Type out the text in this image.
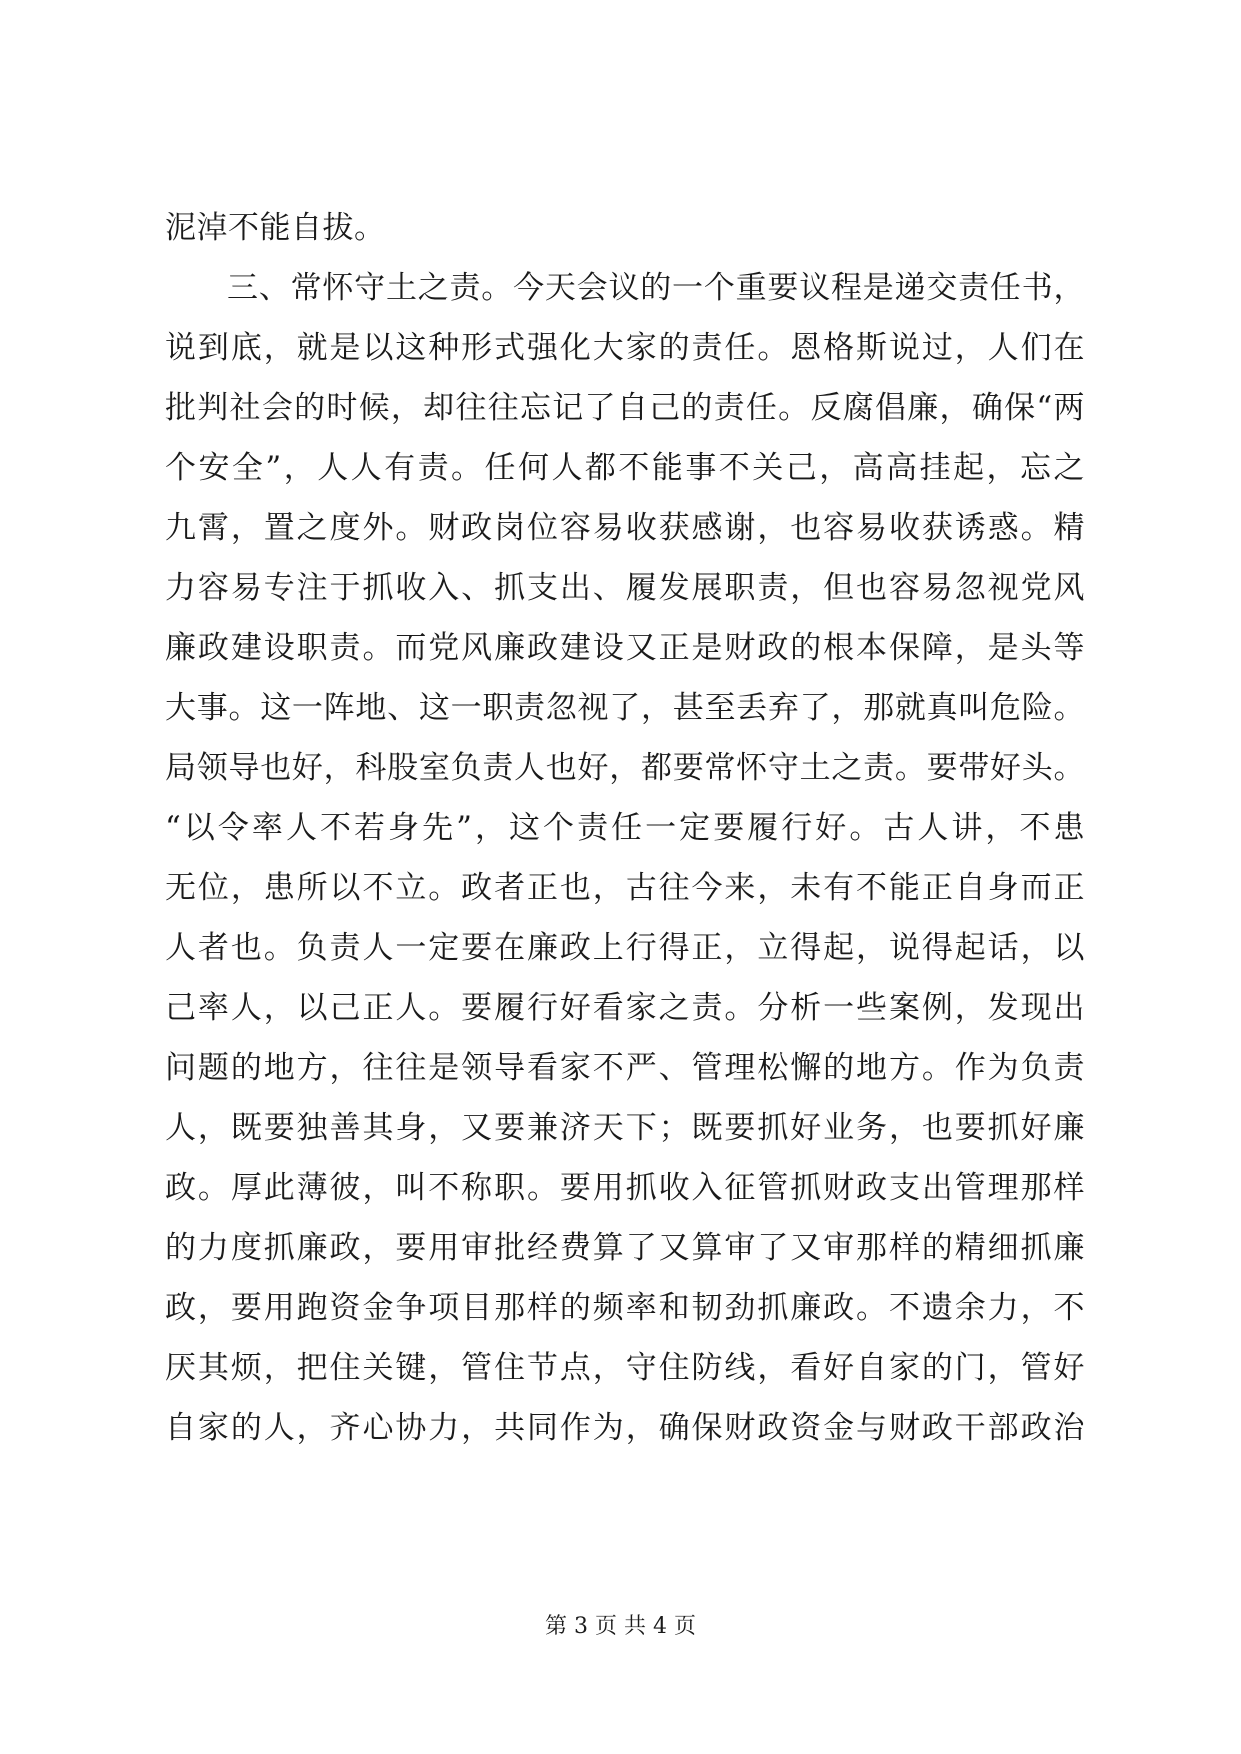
泥淖不能自拔。
三、常怀守土之责。今天会议的一个重要议程是递交责任书，
说到底，就是以这种形式强化大家的责任。恩格斯说过，人们在
批判社会的时候，却往往忘记了自己的责任。反腐倡廉，确保“两
个安全”，人人有责。任何人都不能事不关己，高高挂起，忘之
九霄，置之度外。财政岗位容易收获感谢，也容易收获诱惑。精
力容易专注于抓收入、抓支出、履发展职责，但也容易忽视党风
廉政建设职责。而党风廉政建设又正是财政的根本保障，是头等
大事。这一阵地、这一职责忽视了，甚至丢弃了，那就真叫危险。
局领导也好，科股室负责人也好，都要常怀守土之责。要带好头。
“以令率人不若身先”，这个责任一定要履行好。古人讲，不患
无位，患所以不立。政者正也，古往今来，未有不能正自身而正
人者也。负责人一定要在廉政上行得正，立得起，说得起话，以
己率人，以己正人。要履行好看家之责。分析一些案例，发现出
问题的地方，往往是领导看家不严、管理松懈的地方。作为负责
人，既要独善其身，又要兼济天下；既要抓好业务，也要抓好廉
政。厚此薄彼，叫不称职。要用抓收入征管抓财政支出管理那样
的力度抓廉政，要用审批经费算了又算审了又审那样的精细抓廉
政，要用跑资金争项目那样的频率和韧劲抓廉政。不遗余力，不
厌其烦，把住关键，管住节点，守住防线，看好自家的门，管好
自家的人，齐心协力，共同作为，确保财政资金与财政干部政治
第 3 页 共 4 页
